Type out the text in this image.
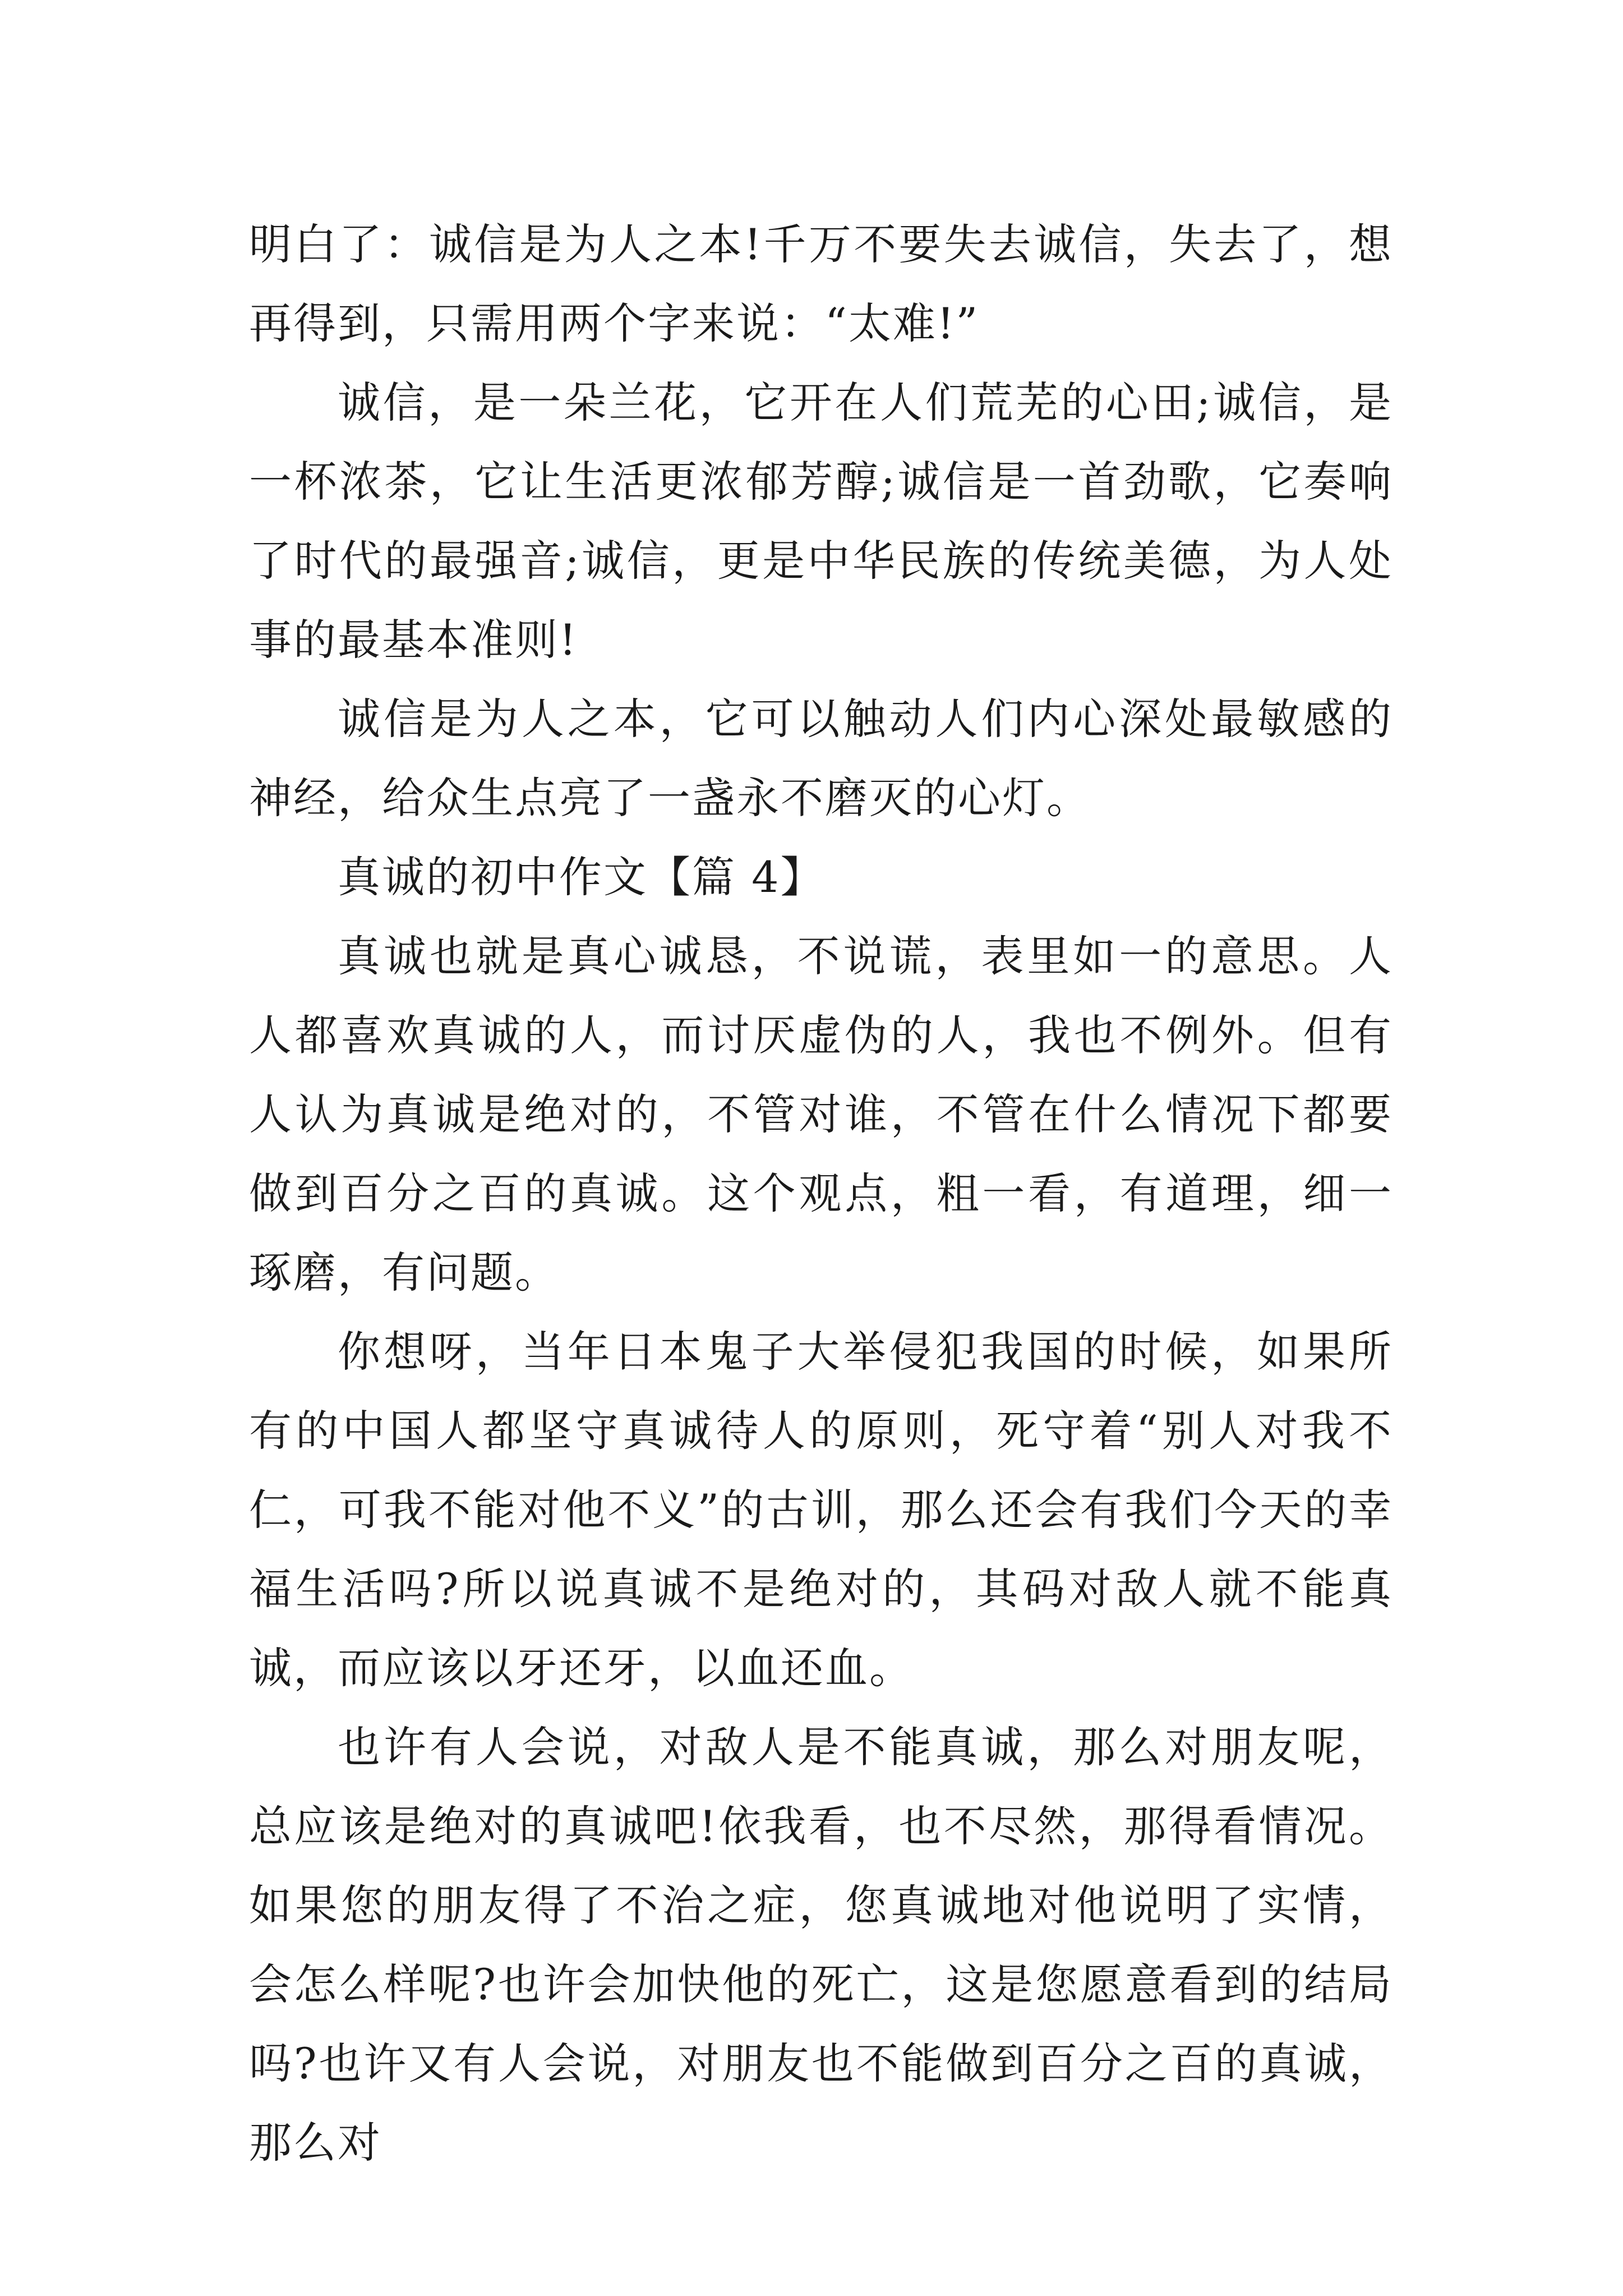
明白了：诚信是为人之本!千万不要失去诚信，失去了，想再得到，只需用两个字来说：“太难!”

诚信，是一朵兰花，它开在人们荒芜的心田;诚信，是一杯浓茶，它让生活更浓郁芳醇;诚信是一首劲歌，它奏响了时代的最强音;诚信，更是中华民族的传统美德，为人处事的最基本准则!

诚信是为人之本，它可以触动人们内心深处最敏感的神经，给众生点亮了一盏永不磨灭的心灯。

真诚的初中作文【篇 4】

真诚也就是真心诚恳，不说谎，表里如一的意思。人人都喜欢真诚的人，而讨厌虚伪的人，我也不例外。但有人认为真诚是绝对的，不管对谁，不管在什么情况下都要做到百分之百的真诚。这个观点，粗一看，有道理，细一琢磨，有问题。

你想呀，当年日本鬼子大举侵犯我国的时候，如果所有的中国人都坚守真诚待人的原则，死守着“别人对我不仁，可我不能对他不义”的古训，那么还会有我们今天的幸福生活吗?所以说真诚不是绝对的，其码对敌人就不能真诚，而应该以牙还牙，以血还血。

也许有人会说，对敌人是不能真诚，那么对朋友呢，总应该是绝对的真诚吧!依我看，也不尽然，那得看情况。如果您的朋友得了不治之症，您真诚地对他说明了实情，会怎么样呢?也许会加快他的死亡，这是您愿意看到的结局吗?也许又有人会说，对朋友也不能做到百分之百的真诚，那么对
